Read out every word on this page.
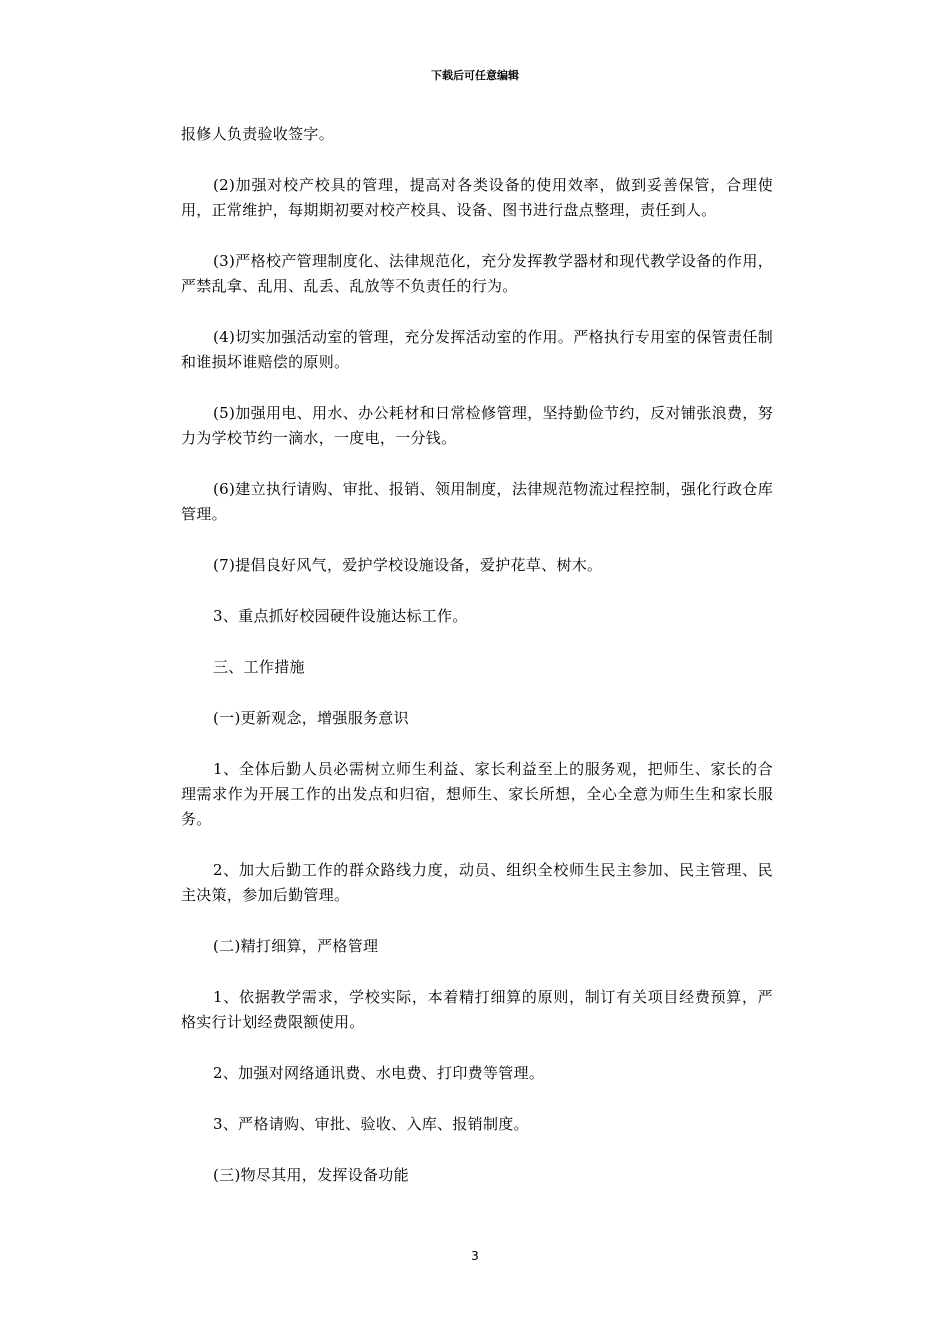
下载后可任意编辑

报修人负责验收签字。

(2)加强对校产校具的管理，提高对各类设备的使用效率，做到妥善保管，合理使用，正常维护，每期期初要对校产校具、设备、图书进行盘点整理，责任到人。

(3)严格校产管理制度化、法律规范化，充分发挥教学器材和现代教学设备的作用，严禁乱拿、乱用、乱丢、乱放等不负责任的行为。

(4)切实加强活动室的管理，充分发挥活动室的作用。严格执行专用室的保管责任制和谁损坏谁赔偿的原则。

(5)加强用电、用水、办公耗材和日常检修管理，坚持勤俭节约，反对铺张浪费，努力为学校节约一滴水，一度电，一分钱。

(6)建立执行请购、审批、报销、领用制度，法律规范物流过程控制，强化行政仓库管理。

(7)提倡良好风气，爱护学校设施设备，爱护花草、树木。

3、重点抓好校园硬件设施达标工作。

三、工作措施

(一)更新观念，增强服务意识

1、全体后勤人员必需树立师生利益、家长利益至上的服务观，把师生、家长的合理需求作为开展工作的出发点和归宿，想师生、家长所想，全心全意为师生生和家长服务。

2、加大后勤工作的群众路线力度，动员、组织全校师生民主参加、民主管理、民主决策，参加后勤管理。

(二)精打细算，严格管理

1、依据教学需求，学校实际，本着精打细算的原则，制订有关项目经费预算，严格实行计划经费限额使用。

2、加强对网络通讯费、水电费、打印费等管理。

3、严格请购、审批、验收、入库、报销制度。

(三)物尽其用，发挥设备功能

3
